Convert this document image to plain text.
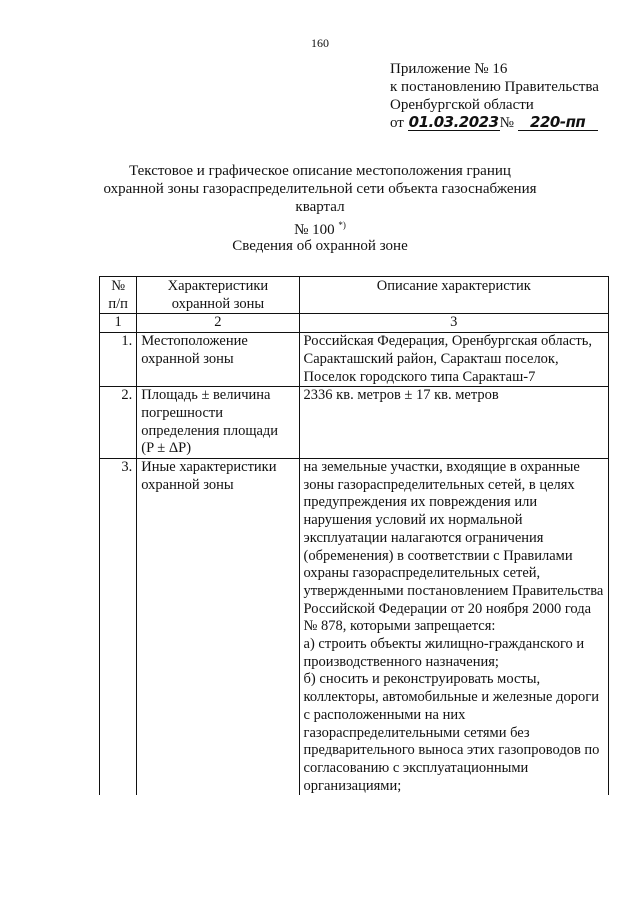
160
Приложение № 16
к постановлению Правительства
Оренбургской области
от 01.03.2023№ 220-пп
Текстовое и графическое описание местоположения границ
охранной зоны газораспределительной сети объекта газоснабжения квартал
№ 100 *)
Сведения об охранной зоне
№ п/п	Характеристики охранной зоны	Описание характеристик
1	2	3
1.	Местоположение охранной зоны	Российская Федерация, Оренбургская область, Саракташский район, Саракташ поселок, Поселок городского типа Саракташ-7
2.	Площадь ± величина погрешности определения площади (P ± ΔP)	2336 кв. метров ± 17 кв. метров
3.	Иные характеристики охранной зоны	на земельные участки, входящие в охранные зоны газораспределительных сетей, в целях предупреждения их повреждения или нарушения условий их нормальной эксплуатации налагаются ограничения (обременения) в соответствии с Правилами охраны газораспределительных сетей, утвержденными постановлением Правительства Российской Федерации от 20 ноября 2000 года № 878, которыми запрещается:
а) строить объекты жилищно-гражданского и производственного назначения;
б) сносить и реконструировать мосты, коллекторы, автомобильные и железные дороги с расположенными на них газораспределительными сетями без предварительного выноса этих газопроводов по согласованию с эксплуатационными организациями;
